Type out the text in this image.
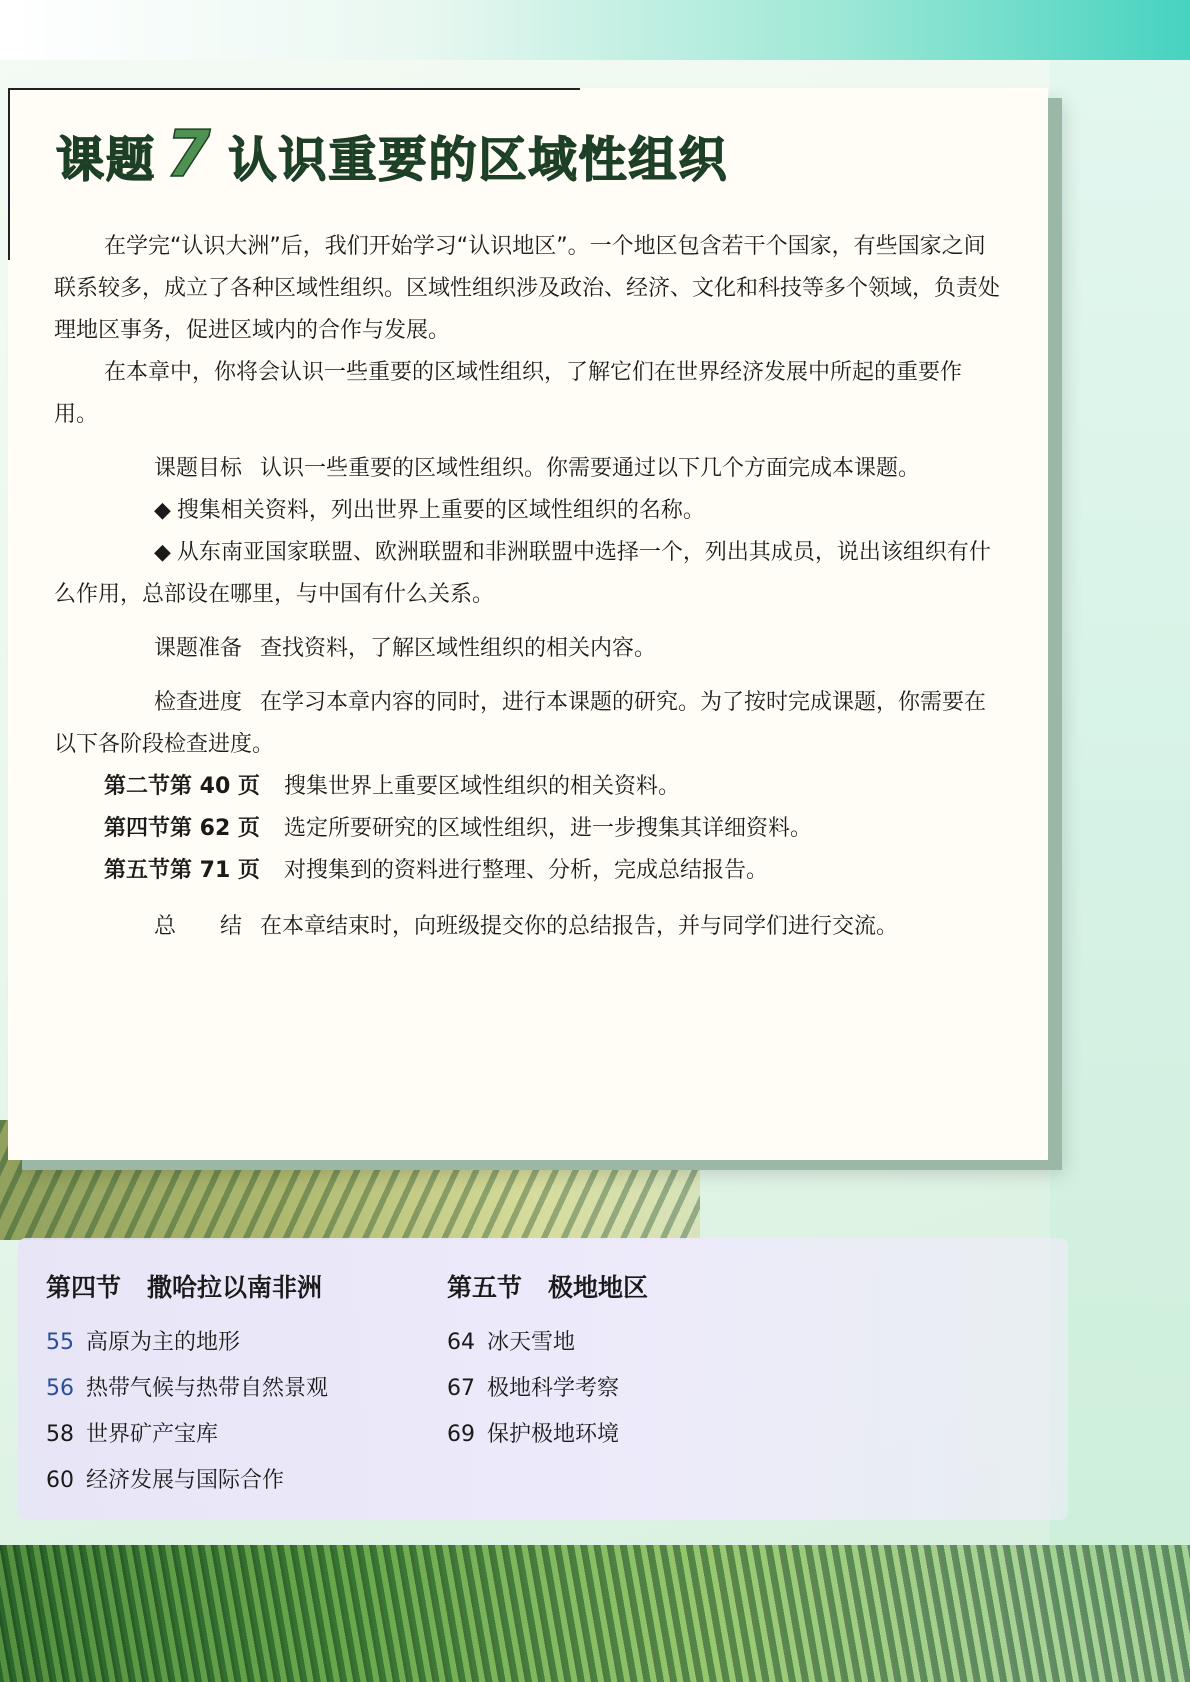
课题 7 认识重要的区域性组织

在学完“认识大洲”后，我们开始学习“认识地区”。一个地区包含若干个国家，有些国家之间联系较多，成立了各种区域性组织。区域性组织涉及政治、经济、文化和科技等多个领域，负责处理地区事务，促进区域内的合作与发展。

在本章中，你将会认识一些重要的区域性组织，了解它们在世界经济发展中所起的重要作用。

课题目标 认识一些重要的区域性组织。你需要通过以下几个方面完成本课题。

◆ 搜集相关资料，列出世界上重要的区域性组织的名称。

◆ 从东南亚国家联盟、欧洲联盟和非洲联盟中选择一个，列出其成员，说出该组织有什么作用，总部设在哪里，与中国有什么关系。

课题准备 查找资料，了解区域性组织的相关内容。

检查进度 在学习本章内容的同时，进行本课题的研究。为了按时完成课题，你需要在以下各阶段检查进度。

第二节第 40 页 搜集世界上重要区域性组织的相关资料。

第四节第 62 页 选定所要研究的区域性组织，进一步搜集其详细资料。

第五节第 71 页 对搜集到的资料进行整理、分析，完成总结报告。

总　　结 在本章结束时，向班级提交你的总结报告，并与同学们进行交流。

第四节 撒哈拉以南非洲
55 高原为主的地形
56 热带气候与热带自然景观
58 世界矿产宝库
60 经济发展与国际合作
第五节 极地地区
64 冰天雪地
67 极地科学考察
69 保护极地环境
